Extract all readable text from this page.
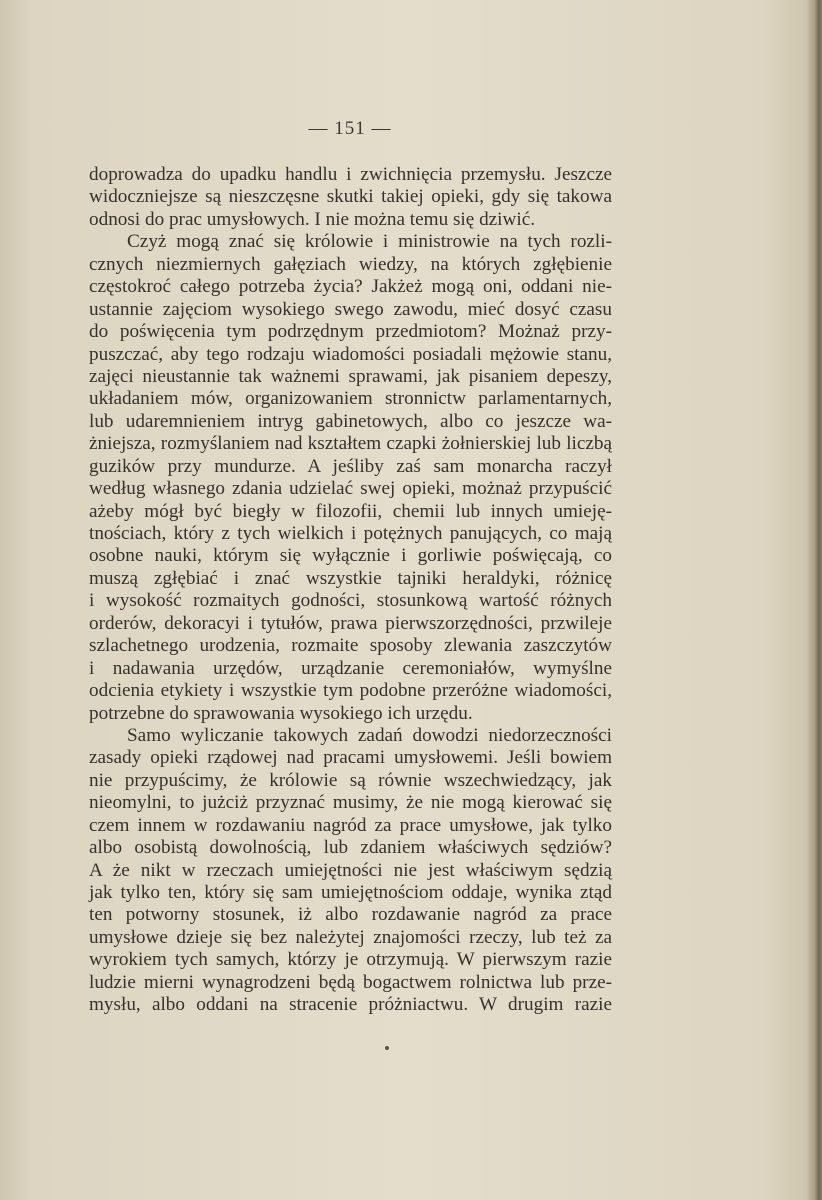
— 151 —
doprowadza do upadku handlu i zwichnięcia przemysłu. Jeszcze
widoczniejsze są nieszczęsne skutki takiej opieki, gdy się takowa
odnosi do prac umysłowych. I nie można temu się dziwić.
Czyż mogą znać się królowie i ministrowie na tych rozli-
cznych niezmiernych gałęziach wiedzy, na których zgłębienie
częstokroć całego potrzeba życia? Jakżeż mogą oni, oddani nie-
ustannie zajęciom wysokiego swego zawodu, mieć dosyć czasu
do poświęcenia tym podrzędnym przedmiotom? Możnaż przy-
puszczać, aby tego rodzaju wiadomości posiadali mężowie stanu,
zajęci nieustannie tak ważnemi sprawami, jak pisaniem depeszy,
układaniem mów, organizowaniem stronnictw parlamentarnych,
lub udaremnieniem intryg gabinetowych, albo co jeszcze wa-
żniejsza, rozmyślaniem nad kształtem czapki żołnierskiej lub liczbą
guzików przy mundurze. A jeśliby zaś sam monarcha raczył
według własnego zdania udzielać swej opieki, możnaż przypuścić
ażeby mógł być biegły w filozofii, chemii lub innych umieję-
tnościach, który z tych wielkich i potężnych panujących, co mają
osobne nauki, którym się wyłącznie i gorliwie poświęcają, co
muszą zgłębiać i znać wszystkie tajniki heraldyki, różnicę
i wysokość rozmaitych godności, stosunkową wartość różnych
orderów, dekoracyi i tytułów, prawa pierwszorzędności, przwileje
szlachetnego urodzenia, rozmaite sposoby zlewania zaszczytów
i nadawania urzędów, urządzanie ceremoniałów, wymyślne
odcienia etykiety i wszystkie tym podobne przeróżne wiadomości,
potrzebne do sprawowania wysokiego ich urzędu.
Samo wyliczanie takowych zadań dowodzi niedorzeczności
zasady opieki rządowej nad pracami umysłowemi. Jeśli bowiem
nie przypuścimy, że królowie są równie wszechwiedzący, jak
nieomylni, to jużciż przyznać musimy, że nie mogą kierować się
czem innem w rozdawaniu nagród za prace umysłowe, jak tylko
albo osobistą dowolnością, lub zdaniem właściwych sędziów?
A że nikt w rzeczach umiejętności nie jest właściwym sędzią
jak tylko ten, który się sam umiejętnościom oddaje, wynika ztąd
ten potworny stosunek, iż albo rozdawanie nagród za prace
umysłowe dzieje się bez należytej znajomości rzeczy, lub też za
wyrokiem tych samych, którzy je otrzymują. W pierwszym razie
ludzie mierni wynagrodzeni będą bogactwem rolnictwa lub prze-
mysłu, albo oddani na stracenie próżniactwu. W drugim razie
